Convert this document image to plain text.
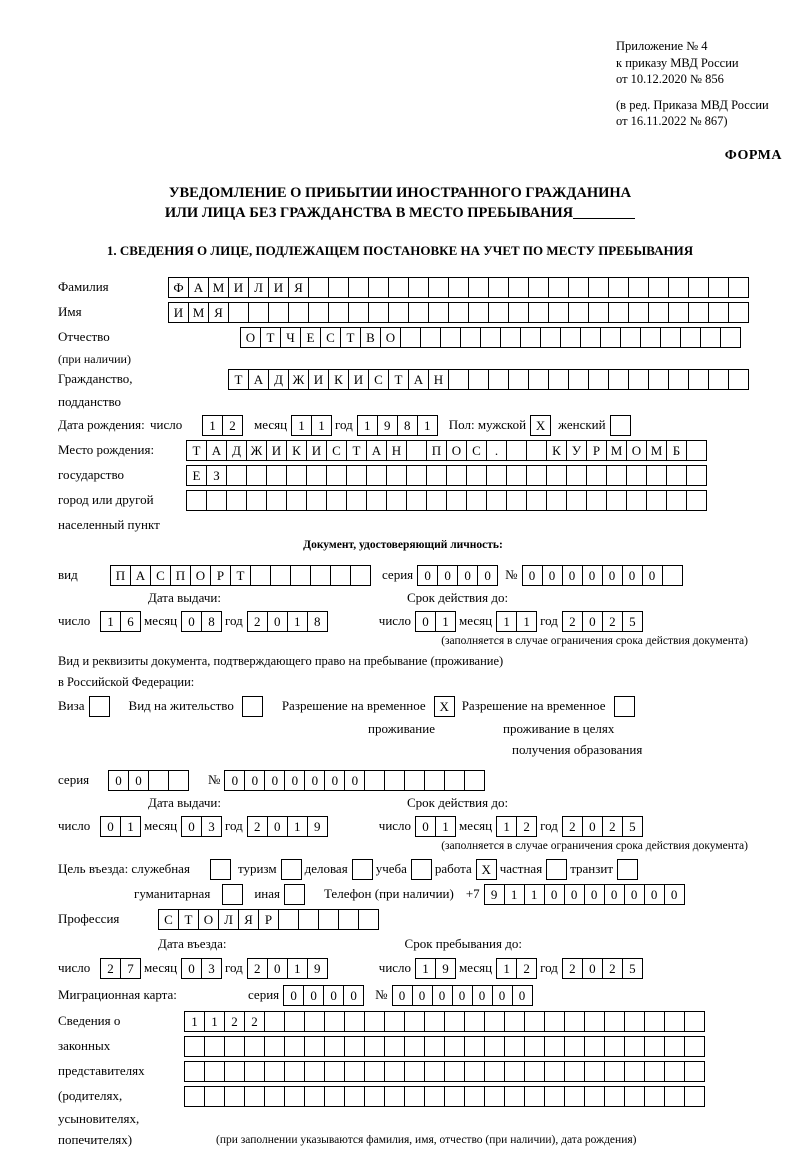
Приложение № 4
к приказу МВД России
от 10.12.2020 № 856
(в ред. Приказа МВД России
от 16.11.2022 № 867)
ФОРМА
УВЕДОМЛЕНИЕ О ПРИБЫТИИ ИНОСТРАННОГО ГРАЖДАНИНА
ИЛИ ЛИЦА БЕЗ ГРАЖДАНСТВА В МЕСТО ПРЕБЫВАНИЯ
1. СВЕДЕНИЯ О ЛИЦЕ, ПОДЛЕЖАЩЕМ ПОСТАНОВКЕ НА УЧЕТ ПО МЕСТУ ПРЕБЫВАНИЯ
Фамилия	Ф А М И Л И Я
Имя	И М Я
Отчество	О Т Ч Е С Т В О
(при наличии)
Гражданство,	Т А Д Ж И К И С Т А Н
подданство
Дата рождения: число	1	2	месяц 1	1 год 1	9	8	1	Пол: мужской X женский
Место рождения:	Т А Д Ж И К И С Т А Н	П О С	.	К У Р М О М Б
государство	Е З
город или другой
населенный пункт
Документ, удостоверяющий личность:
вид	П А С П О Р Т	серия 0	0	0	0	№ 0	0	0	0	0	0	0
Дата выдачи:	Срок действия до:
число	1	6 месяц 0	8 год 2	0	1	8	число 0	1 месяц 1	1 год 2	0	2	5
(заполняется в случае ограничения срока действия документа)
Вид и реквизиты документа, подтверждающего право на пребывание (проживание)
в Российской Федерации:
Виза	Вид на жительство	Разрешение на временное	X Разрешение на временное
проживание	проживание в целях
получения образования
серия	0	0	№ 0	0	0	0	0	0	0
Дата выдачи:	Срок действия до:
число	0	1 месяц 0	3 год 2	0	1	9	число 0	1 месяц 1	2 год 2	0	2	5
(заполняется в случае ограничения срока действия документа)
Цель въезда: служебная	туризм деловая учеба работа X частная транзит
гуманитарная	иная	Телефон (при наличии) +7 9	1	1	0	0	0	0	0	0	0
Профессия	С Т О Л Я Р
Дата въезда:	Срок пребывания до:
число	2	7 месяц 0	3 год 2	0	1	9	число 1	9 месяц 1	2 год 2	0	2	5
Миграционная карта:	серия 0	0	0	0	№ 0	0	0	0	0	0	0
Сведения о	1	1	2	2
законных
представителях
(родителях,
усыновителях,
попечителях)	(при заполнении указываются фамилия, имя, отчество (при наличии), дата рождения)
